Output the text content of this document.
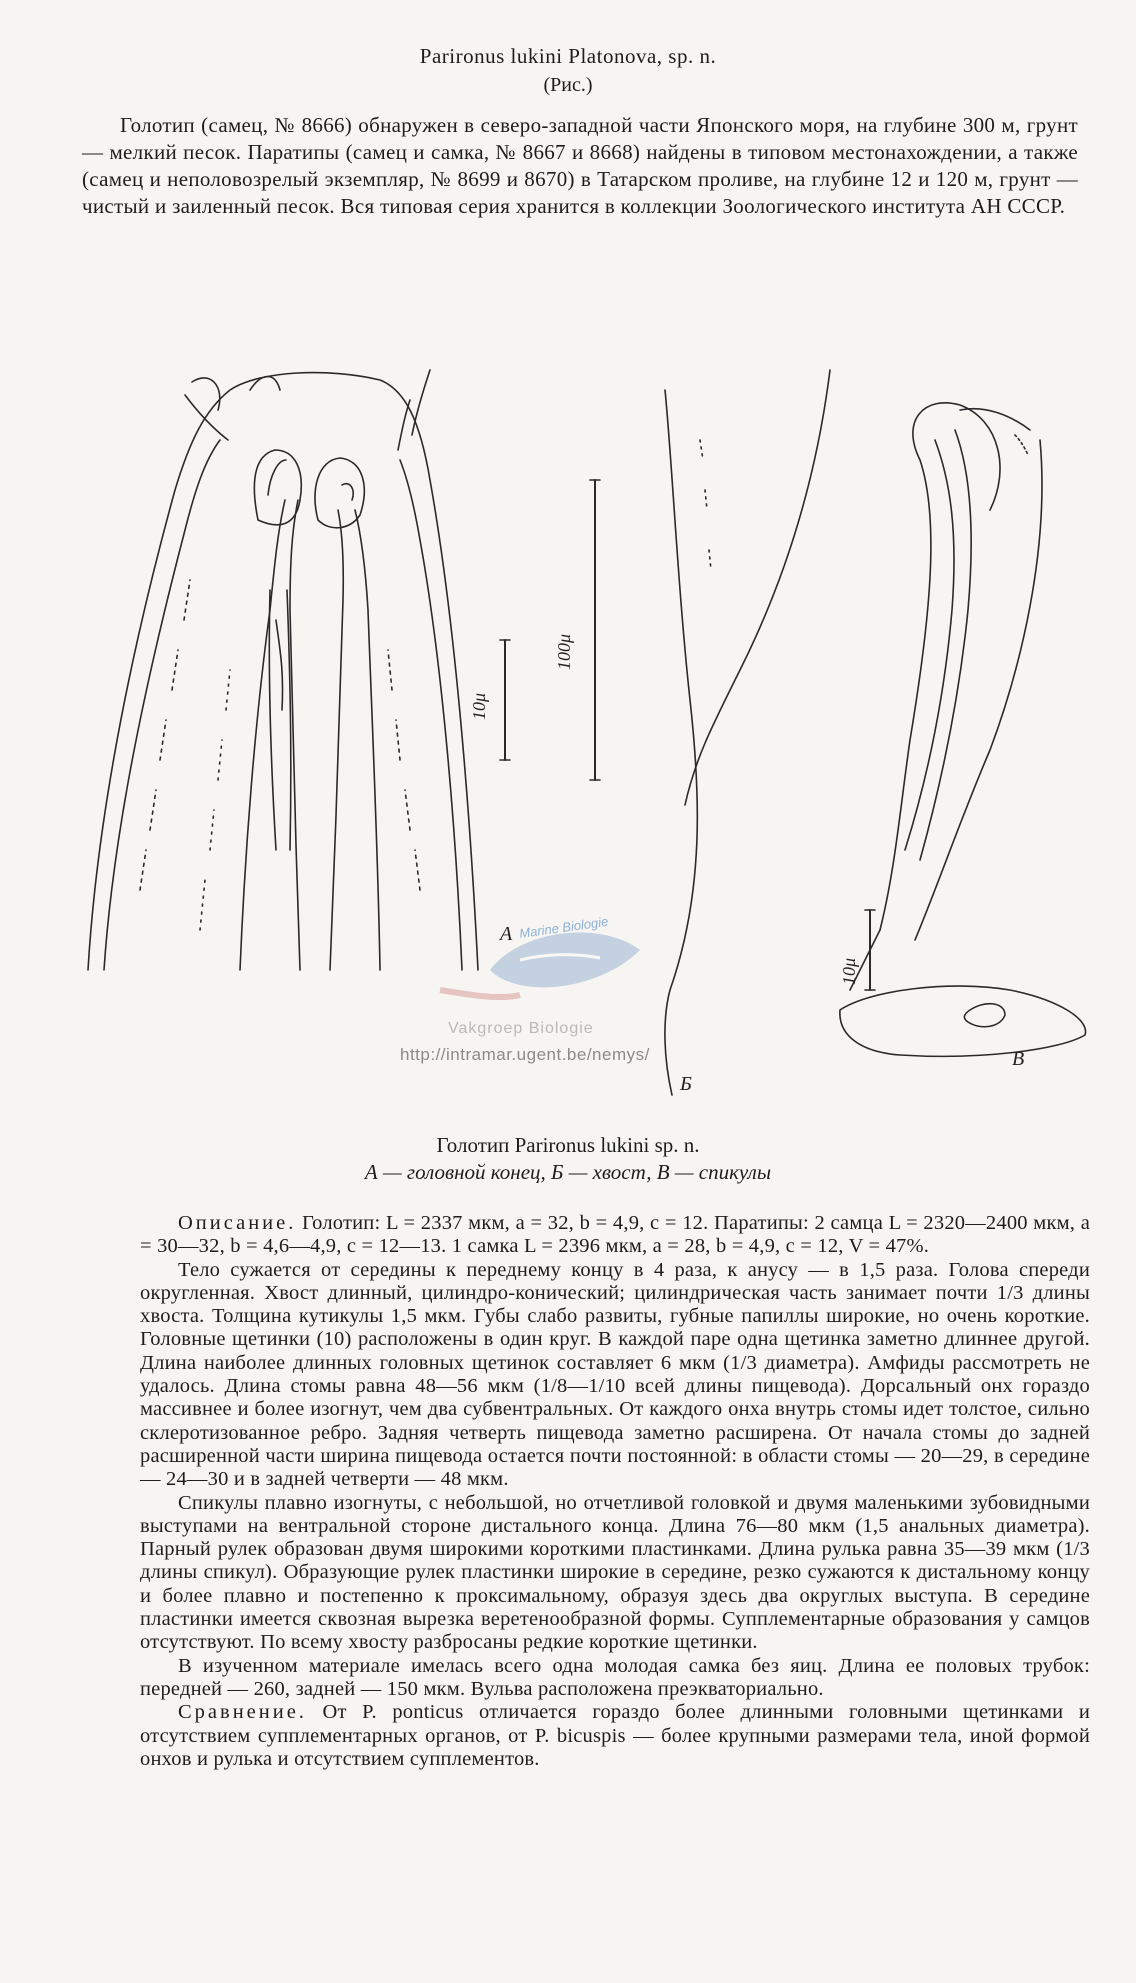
Parironus lukini Platonova, sp. n.
(Рис.)
Голотип (самец, № 8666) обнаружен в северо-западной части Японского моря, на глубине 300 м, грунт — мелкий песок. Паратипы (самец и самка, № 8667 и 8668) найдены в типовом местонахождении, а также (самец и неполовозрелый экземпляр, № 8699 и 8670) в Татарском проливе, на глубине 12 и 120 м, грунт — чистый и заиленный песок. Вся типовая серия хранится в коллекции Зоологического института АН СССР.
10μ
100μ
10μ
А
Б
В
Marine Biologie
Vakgroep Biologie
http://intramar.ugent.be/nemys/
Голотип Parironus lukini sp. n.
А — головной конец, Б — хвост, В — спикулы

Описание. Голотип: L = 2337 мкм, a = 32, b = 4,9, c = 12. Паратипы: 2 самца L = 2320—2400 мкм, a = 30—32, b = 4,6—4,9, c = 12—13. 1 самка L = 2396 мкм, a = 28, b = 4,9, c = 12, V = 47%.

Тело сужается от середины к переднему концу в 4 раза, к анусу — в 1,5 раза. Голова спереди округленная. Хвост длинный, цилиндро-конический; цилиндрическая часть занимает почти 1/3 длины хвоста. Толщина кутикулы 1,5 мкм. Губы слабо развиты, губные папиллы широкие, но очень короткие. Головные щетинки (10) расположены в один круг. В каждой паре одна щетинка заметно длиннее другой. Длина наиболее длинных головных щетинок составляет 6 мкм (1/3 диаметра). Амфиды рассмотреть не удалось. Длина стомы равна 48—56 мкм (1/8—1/10 всей длины пищевода). Дорсальный онх гораздо массивнее и более изогнут, чем два субвентральных. От каждого онха внутрь стомы идет толстое, сильно склеротизованное ребро. Задняя четверть пищевода заметно расширена. От начала стомы до задней расширенной части ширина пищевода остается почти постоянной: в области стомы — 20—29, в середине — 24—30 и в задней четверти — 48 мкм.

Спикулы плавно изогнуты, с небольшой, но отчетливой головкой и двумя маленькими зубовидными выступами на вентральной стороне дистального конца. Длина 76—80 мкм (1,5 анальных диаметра). Парный рулек образован двумя широкими короткими пластинками. Длина рулька равна 35—39 мкм (1/3 длины спикул). Образующие рулек пластинки широкие в середине, резко сужаются к дистальному концу и более плавно и постепенно к проксимальному, образуя здесь два округлых выступа. В середине пластинки имеется сквозная вырезка веретенообразной формы. Супплементарные образования у самцов отсутствуют. По всему хвосту разбросаны редкие короткие щетинки.

В изученном материале имелась всего одна молодая самка без яиц. Длина ее половых трубок: передней — 260, задней — 150 мкм. Вульва расположена преэкваториально.

Сравнение. От P. ponticus отличается гораздо более длинными головными щетинками и отсутствием супплементарных органов, от P. bicuspis — более крупными размерами тела, иной формой онхов и рулька и отсутствием супплементов.
